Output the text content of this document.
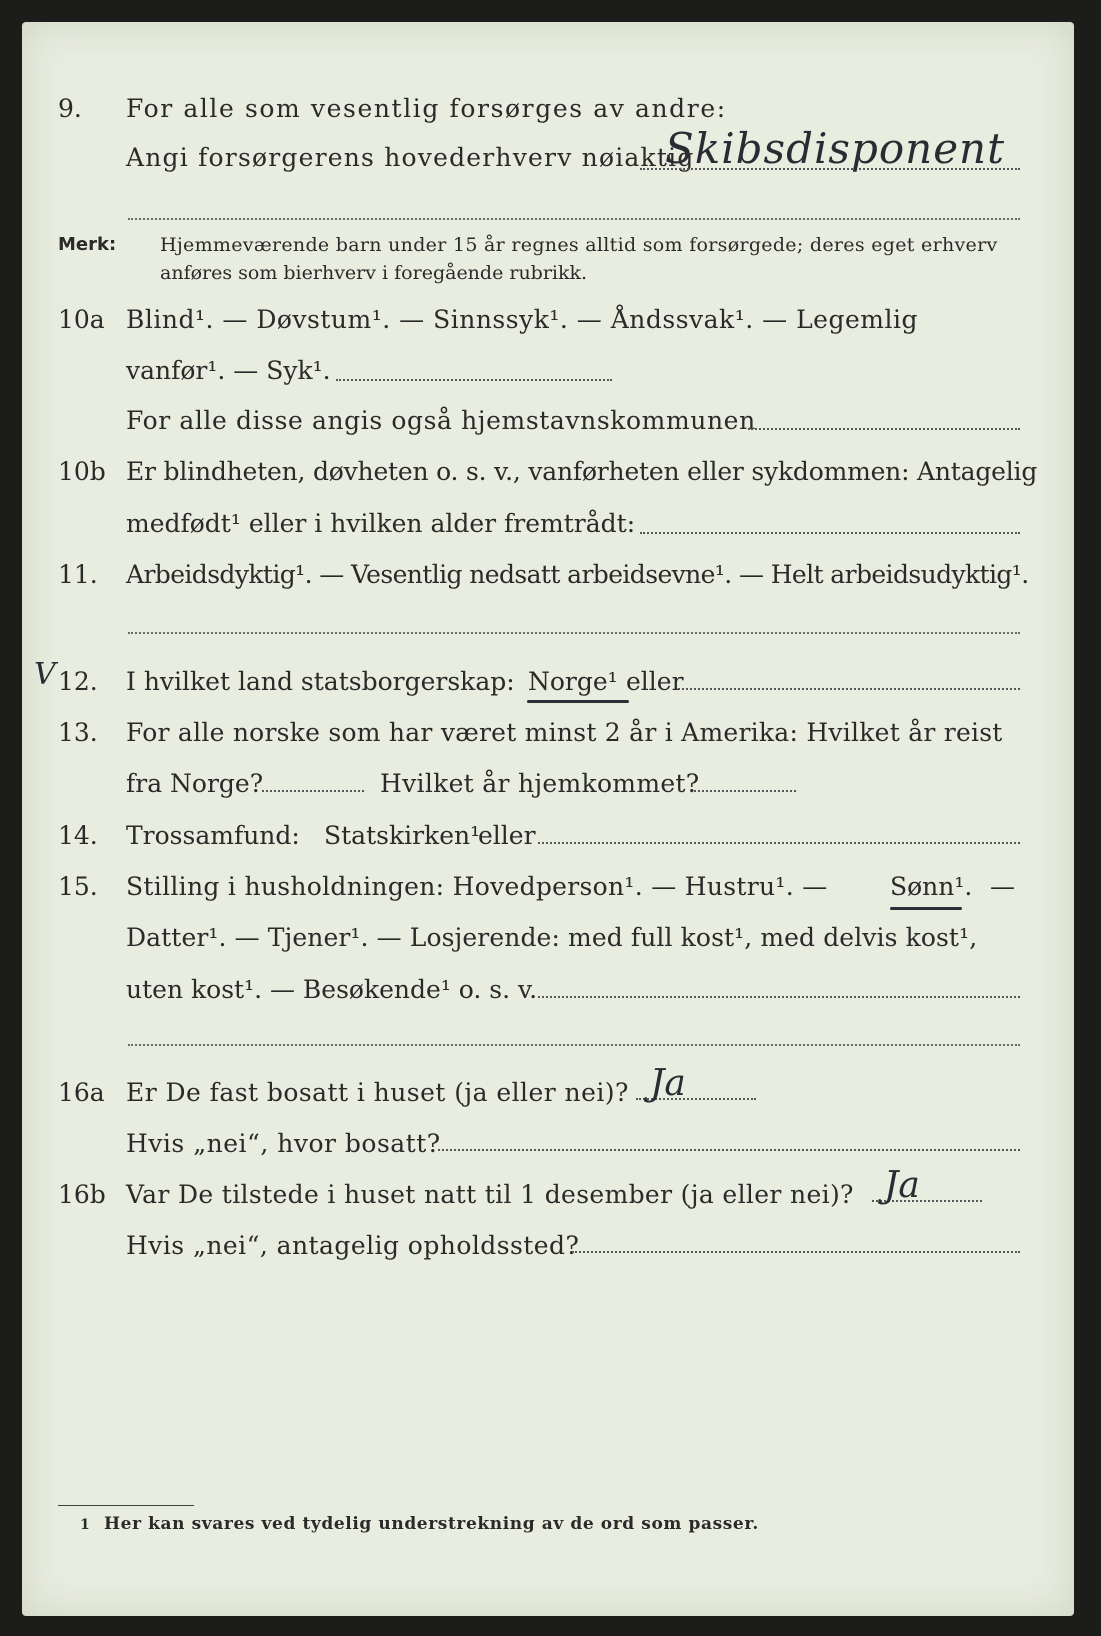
9. For alle som vesentlig forsørges av andre:
Angi forsørgerens hovederhverv nøiaktig
Skibsdisponent
Merk: Hjemmeværende barn under 15 år regnes alltid som forsørgede; deres eget erhverv
anføres som bierhverv i foregående rubrikk.
10a Blind¹. — Døvstum¹. — Sinnssyk¹. — Åndssvak¹. — Legemlig
vanfør¹. — Syk¹.
For alle disse angis også hjemstavnskommunen
10b Er blindheten, døvheten o. s. v., vanførheten eller sykdommen: Antagelig
medfødt¹ eller i hvilken alder fremtrådt:
11. Arbeidsdyktig¹. — Vesentlig nedsatt arbeidsevne¹. — Helt arbeidsudyktig¹.
V 12. I hvilket land statsborgerskap: Norge¹ eller
13. For alle norske som har været minst 2 år i Amerika: Hvilket år reist
fra Norge?	Hvilket år hjemkommet?
14. Trossamfund: Statskirken¹
eller
15. Stilling i husholdningen: Hovedperson¹. — Hustru¹. — Sønn¹. —
Datter¹. — Tjener¹. — Losjerende: med full kost¹, med delvis kost¹,
uten kost¹. — Besøkende¹ o. s. v.
16a Er De fast bosatt i huset (ja eller nei)? Ja
Hvis „nei“, hvor bosatt?
16b Var De tilstede i huset natt til 1 desember (ja eller nei)? Ja
Hvis „nei“, antagelig opholdssted?
1 Her kan svares ved tydelig understrekning av de ord som passer.
